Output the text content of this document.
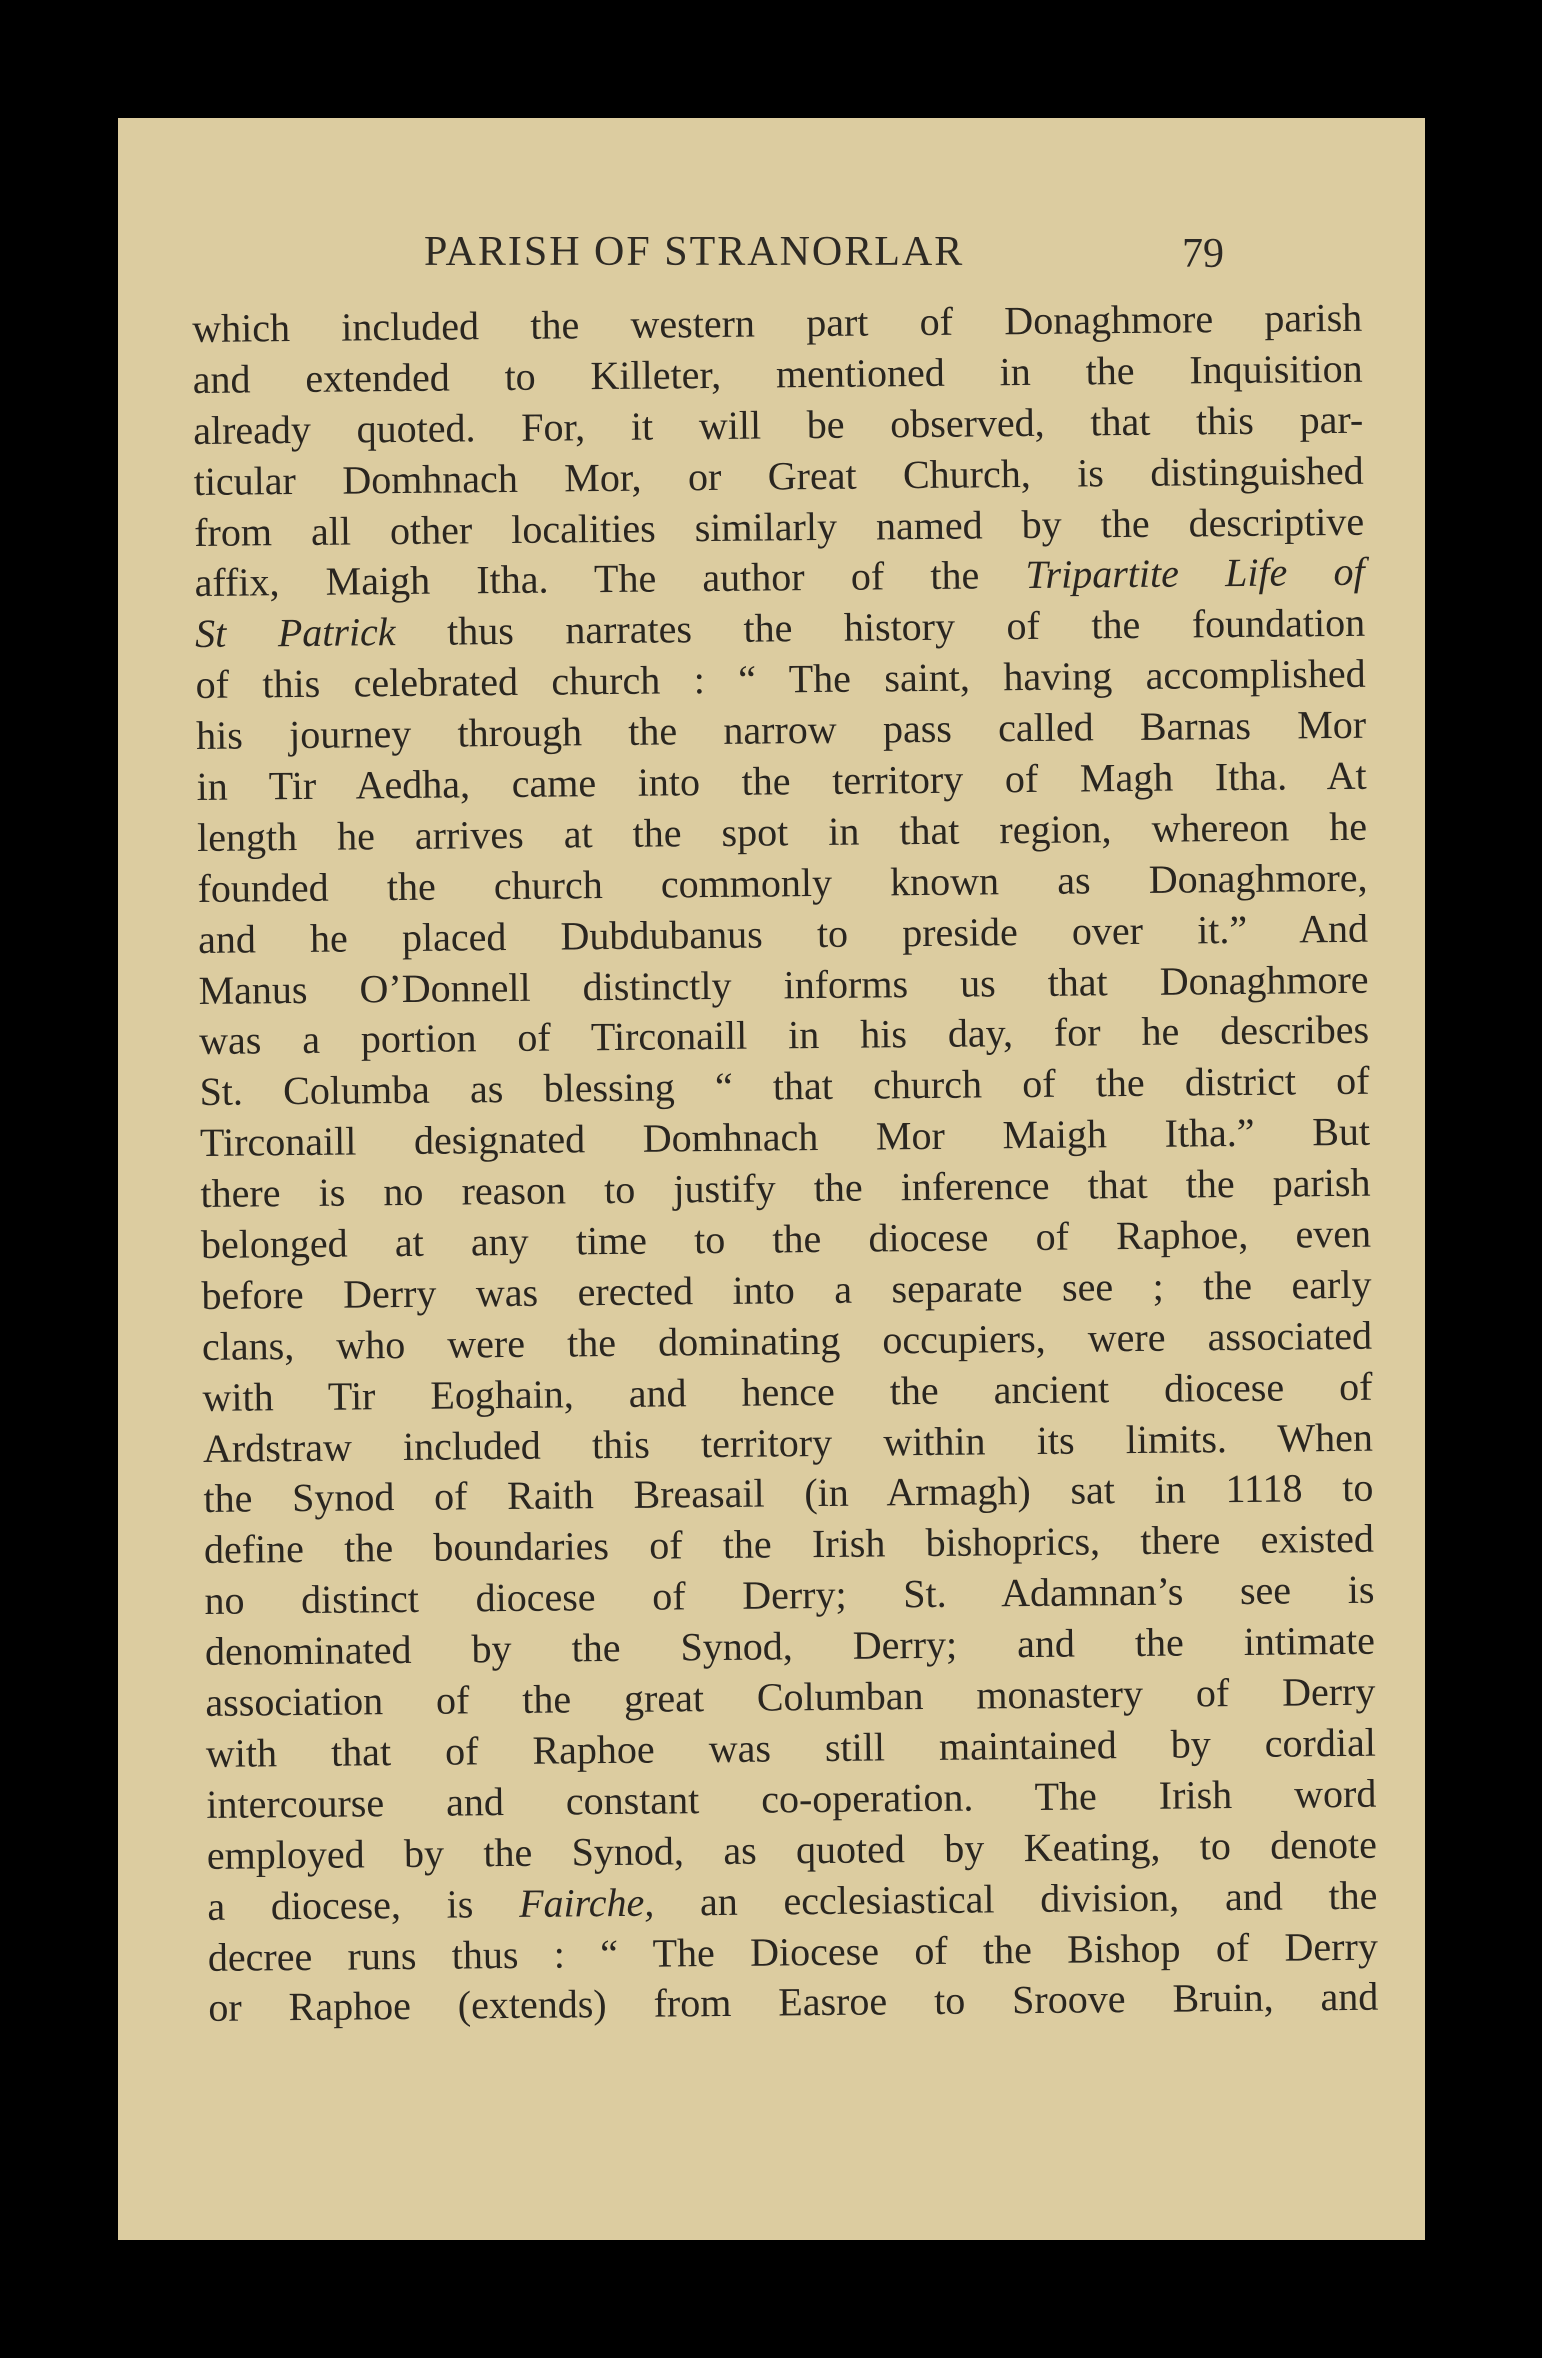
PARISH OF STRANORLAR	79
which included the western part of Donaghmore parish
and extended to Killeter, mentioned in the Inquisition
already quoted. For, it will be observed, that this par-
ticular Domhnach Mor, or Great Church, is distinguished
from all other localities similarly named by the descriptive
affix, Maigh Itha. The author of the Tripartite Life of
St Patrick thus narrates the history of the foundation
of this celebrated church : “ The saint, having accomplished
his journey through the narrow pass called Barnas Mor
in Tir Aedha, came into the territory of Magh Itha. At
length he arrives at the spot in that region, whereon he
founded the church commonly known as Donaghmore,
and he placed Dubdubanus to preside over it.” And
Manus O’Donnell distinctly informs us that Donaghmore
was a portion of Tirconaill in his day, for he describes
St. Columba as blessing “ that church of the district of
Tirconaill designated Domhnach Mor Maigh Itha.” But
there is no reason to justify the inference that the parish
belonged at any time to the diocese of Raphoe, even
before Derry was erected into a separate see ; the early
clans, who were the dominating occupiers, were associated
with Tir Eoghain, and hence the ancient diocese of
Ardstraw included this territory within its limits. When
the Synod of Raith Breasail (in Armagh) sat in 1118 to
define the boundaries of the Irish bishoprics, there existed
no distinct diocese of Derry; St. Adamnan’s see is
denominated by the Synod, Derry; and the intimate
association of the great Columban monastery of Derry
with that of Raphoe was still maintained by cordial
intercourse and constant co-operation. The Irish word
employed by the Synod, as quoted by Keating, to denote
a diocese, is Fairche, an ecclesiastical division, and the
decree runs thus : “ The Diocese of the Bishop of Derry
or Raphoe (extends) from Easroe to Sroove Bruin, and
